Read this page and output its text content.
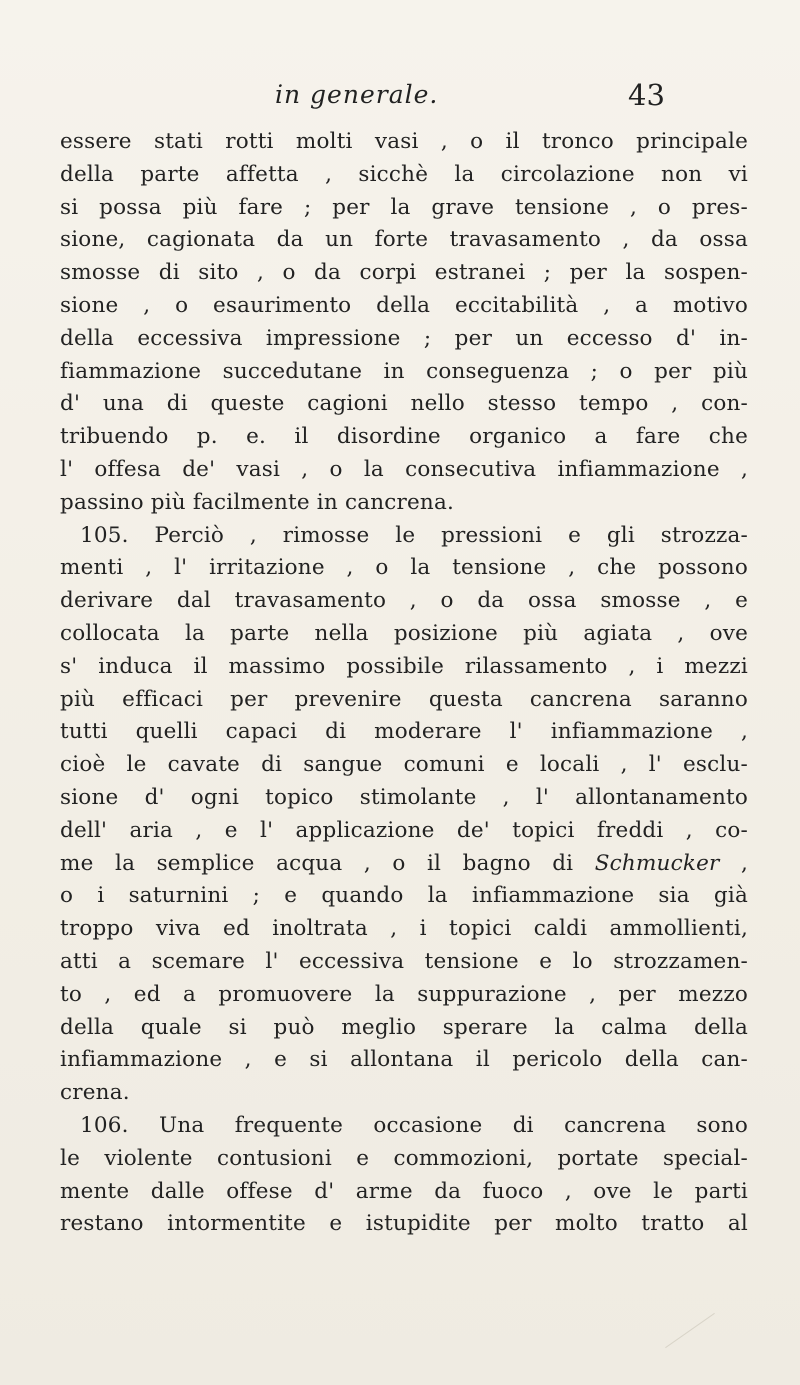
in generale.	43
essere stati rotti molti vasi , o il tronco principale
della parte affetta , sicchè la circolazione non vi
si possa più fare ; per la grave tensione , o pres-
sione, cagionata da un forte travasamento , da ossa
smosse di sito , o da corpi estranei ; per la sospen-
sione , o esaurimento della eccitabilità , a motivo
della eccessiva impressione ; per un eccesso d' in-
fiammazione succedutane in conseguenza ; o per più
d' una di queste cagioni nello stesso tempo , con-
tribuendo p. e. il disordine organico a fare che
l' offesa de' vasi , o la consecutiva infiammazione ,
passino più facilmente in cancrena.
105. Perciò , rimosse le pressioni e gli strozza-
menti , l' irritazione , o la tensione , che possono
derivare dal travasamento , o da ossa smosse , e
collocata la parte nella posizione più agiata , ove
s' induca il massimo possibile rilassamento , i mezzi
più efficaci per prevenire questa cancrena saranno
tutti quelli capaci di moderare l' infiammazione ,
cioè le cavate di sangue comuni e locali , l' esclu-
sione d' ogni topico stimolante , l' allontanamento
dell' aria , e l' applicazione de' topici freddi , co-
me la semplice acqua , o il bagno di Schmucker ,
o i saturnini ; e quando la infiammazione sia già
troppo viva ed inoltrata , i topici caldi ammollienti,
atti a scemare l' eccessiva tensione e lo strozzamen-
to , ed a promuovere la suppurazione , per mezzo
della quale si può meglio sperare la calma della
infiammazione , e si allontana il pericolo della can-
crena.
106. Una frequente occasione di cancrena sono
le violente contusioni e commozioni, portate special-
mente dalle offese d' arme da fuoco , ove le parti
restano intormentite e istupidite per molto tratto al
